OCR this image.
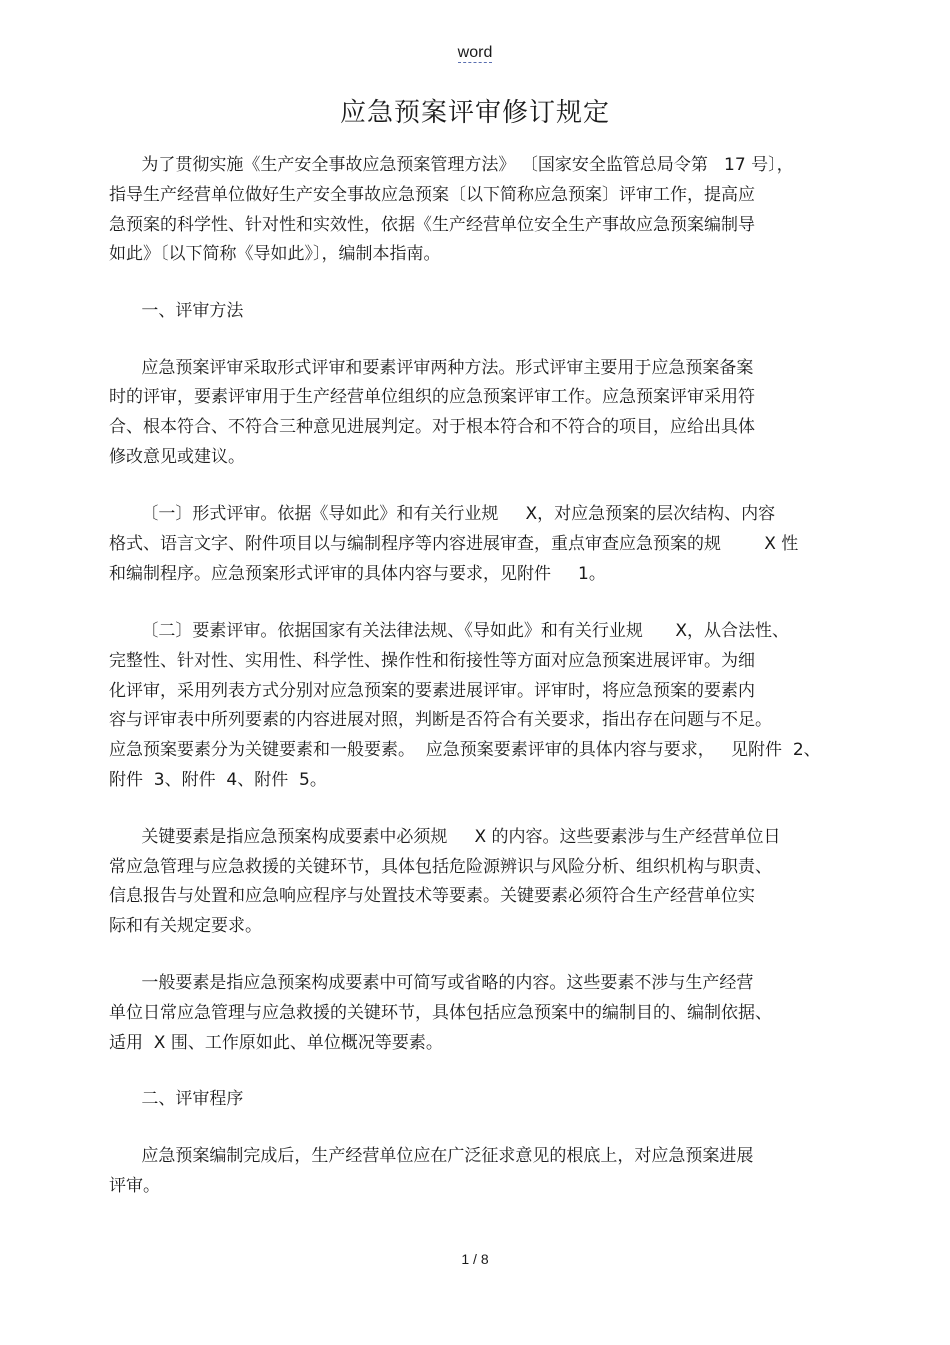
word
应急预案评审修订规定
为了贯彻实施《生产安全事故应急预案管理方法》 〔国家安全监管总局令第   17 号〕，
指导生产经营单位做好生产安全事故应急预案〔以下简称应急预案〕评审工作，提高应
急预案的科学性、针对性和实效性，依据《生产经营单位安全生产事故应急预案编制导
如此》〔以下简称《导如此》〕，编制本指南。
一、评审方法
应急预案评审采取形式评审和要素评审两种方法。形式评审主要用于应急预案备案
时的评审，要素评审用于生产经营单位组织的应急预案评审工作。应急预案评审采用符
合、根本符合、不符合三种意见进展判定。对于根本符合和不符合的项目，应给出具体
修改意见或建议。
〔一〕形式评审。依据《导如此》和有关行业规     X，对应急预案的层次结构、内容
格式、语言文字、附件项目以与编制程序等内容进展审查，重点审查应急预案的规        X 性
和编制程序。应急预案形式评审的具体内容与要求，见附件     1。
〔二〕要素评审。依据国家有关法律法规、《导如此》和有关行业规      X，从合法性、
完整性、针对性、实用性、科学性、操作性和衔接性等方面对应急预案进展评审。为细
化评审，采用列表方式分别对应急预案的要素进展评审。评审时，将应急预案的要素内
容与评审表中所列要素的内容进展对照，判断是否符合有关要求，指出存在问题与不足。
应急预案要素分为关键要素和一般要素。  应急预案要素评审的具体内容与要求，   见附件  2、
附件  3、附件  4、附件  5。
关键要素是指应急预案构成要素中必须规     X 的内容。这些要素涉与生产经营单位日
常应急管理与应急救援的关键环节，具体包括危险源辨识与风险分析、组织机构与职责、
信息报告与处置和应急响应程序与处置技术等要素。关键要素必须符合生产经营单位实
际和有关规定要求。
一般要素是指应急预案构成要素中可简写或省略的内容。这些要素不涉与生产经营
单位日常应急管理与应急救援的关键环节，具体包括应急预案中的编制目的、编制依据、
适用  X 围、工作原如此、单位概况等要素。
二、评审程序
应急预案编制完成后，生产经营单位应在广泛征求意见的根底上，对应急预案进展
评审。
1 / 8
